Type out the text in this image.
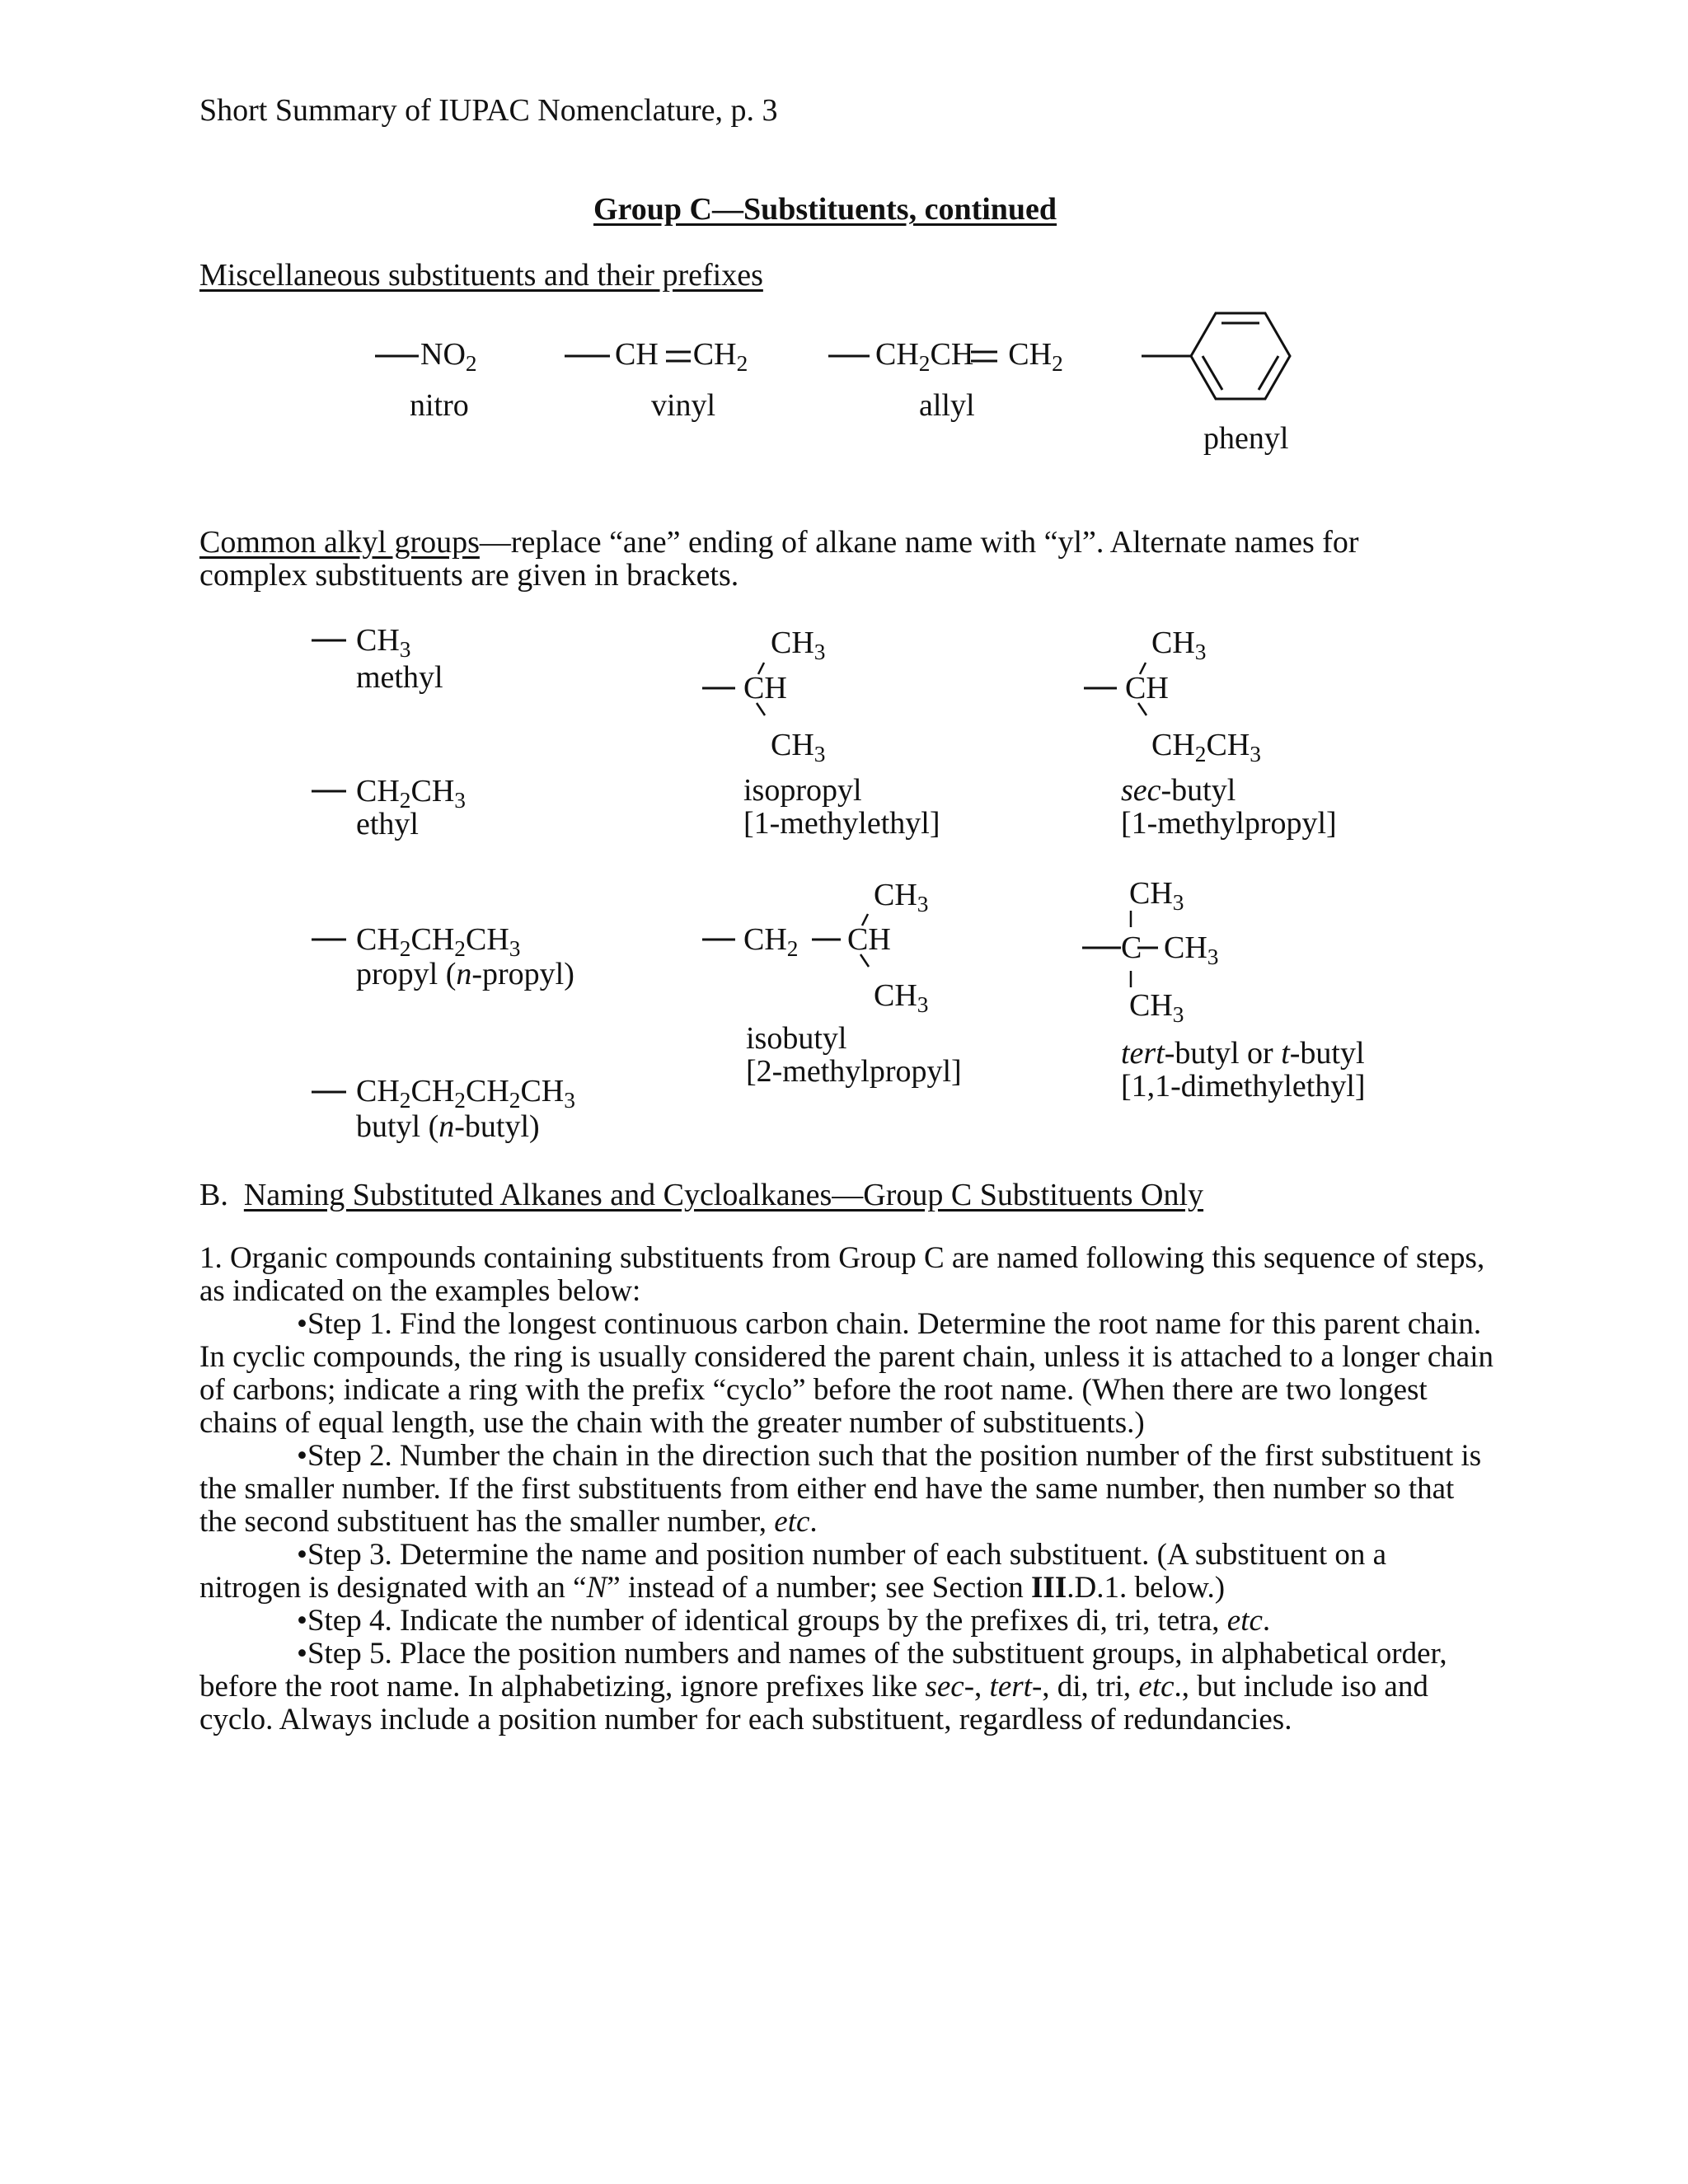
Short Summary of IUPAC Nomenclature, p. 3
Group C—Substituents, continued
Miscellaneous substituents and their prefixes
$NO_2$
nitro
CH $CH_2$
vinyl
$CH_2CH$ $CH_2$
allyl
phenyl
Common alkyl groups—replace “ane” ending of alkane name with “yl”. Alternate names for
complex substituents are given in brackets.
$CH_3$
methyl
$CH_2CH_3$
ethyl
$CH_2CH_2CH_3$
propyl (n-propyl)
$CH_2CH_2CH_2CH_3$
butyl (n-butyl)
$CH_3$
CH
$CH_3$
isopropyl
[1-methylethyl]
$CH_3$
$CH_2$ CH
$CH_3$
isobutyl
[2-methylpropyl]
$CH_3$
CH
$CH_2CH_3$
sec-butyl
[1-methylpropyl]
$CH_3$
C $CH_3$
$CH_3$
tert-butyl or t-butyl
[1,1-dimethylethyl]
B. Naming Substituted Alkanes and Cycloalkanes—Group C Substituents Only

1. Organic compounds containing substituents from Group C are named following this sequence of steps, as indicated on the examples below:

•Step 1. Find the longest continuous carbon chain. Determine the root name for this parent chain. In cyclic compounds, the ring is usually considered the parent chain, unless it is attached to a longer chain of carbons; indicate a ring with the prefix “cyclo” before the root name. (When there are two longest chains of equal length, use the chain with the greater number of substituents.)

•Step 2. Number the chain in the direction such that the position number of the first substituent is the smaller number. If the first substituents from either end have the same number, then number so that the second substituent has the smaller number, etc.

•Step 3. Determine the name and position number of each substituent. (A substituent on a nitrogen is designated with an “N” instead of a number; see Section III.D.1. below.)

•Step 4. Indicate the number of identical groups by the prefixes di, tri, tetra, etc.

•Step 5. Place the position numbers and names of the substituent groups, in alphabetical order, before the root name. In alphabetizing, ignore prefixes like sec-, tert-, di, tri, etc., but include iso and cyclo. Always include a position number for each substituent, regardless of redundancies.
